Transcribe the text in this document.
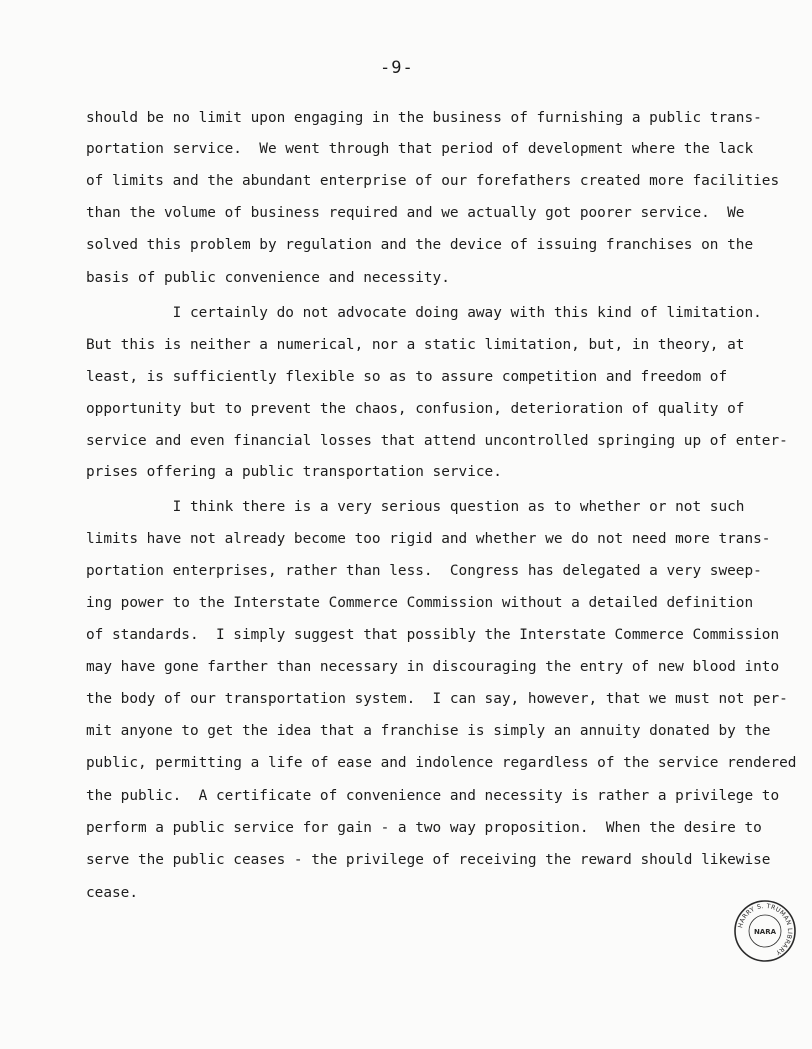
-9-
should be no limit upon engaging in the business of furnishing a public trans-
portation service.  We went through that period of development where the lack
of limits and the abundant enterprise of our forefathers created more facilities
than the volume of business required and we actually got poorer service.  We
solved this problem by regulation and the device of issuing franchises on the
basis of public convenience and necessity.
I certainly do not advocate doing away with this kind of limitation.
But this is neither a numerical, nor a static limitation, but, in theory, at
least, is sufficiently flexible so as to assure competition and freedom of
opportunity but to prevent the chaos, confusion, deterioration of quality of
service and even financial losses that attend uncontrolled springing up of enter-
prises offering a public transportation service.
I think there is a very serious question as to whether or not such
limits have not already become too rigid and whether we do not need more trans-
portation enterprises, rather than less.  Congress has delegated a very sweep-
ing power to the Interstate Commerce Commission without a detailed definition
of standards.  I simply suggest that possibly the Interstate Commerce Commission
may have gone farther than necessary in discouraging the entry of new blood into
the body of our transportation system.  I can say, however, that we must not per-
mit anyone to get the idea that a franchise is simply an annuity donated by the
public, permitting a life of ease and indolence regardless of the service rendered
the public.  A certificate of convenience and necessity is rather a privilege to
perform a public service for gain - a two way proposition.  When the desire to
serve the public ceases - the privilege of receiving the reward should likewise
cease.
HARRY S. TRUMAN LIBRARY
NARA
